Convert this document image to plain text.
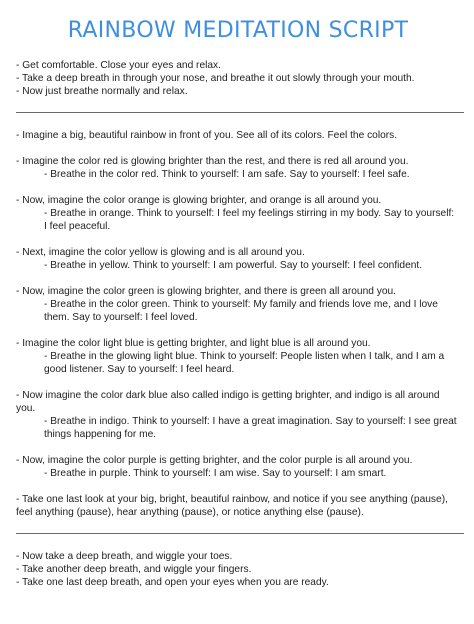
RAINBOW MEDITATION SCRIPT
- Get comfortable. Close your eyes and relax.
- Take a deep breath in through your nose, and breathe it out slowly through your mouth.
- Now just breathe normally and relax.
- Imagine a big, beautiful rainbow in front of you. See all of its colors. Feel the colors.
- Imagine the color red is glowing brighter than the rest, and there is red all around you.
- Breathe in the color red. Think to yourself: I am safe. Say to yourself: I feel safe.
- Now, imagine the color orange is glowing brighter, and orange is all around you.
- Breathe in orange. Think to yourself: I feel my feelings stirring in my body. Say to yourself:
I feel peaceful.
- Next, imagine the color yellow is glowing and is all around you.
- Breathe in yellow. Think to yourself: I am powerful. Say to yourself: I feel confident.
- Now, imagine the color green is glowing brighter, and there is green all around you.
- Breathe in the color green. Think to yourself: My family and friends love me, and I love
them. Say to yourself: I feel loved.
- Imagine the color light blue is getting brighter, and light blue is all around you.
- Breathe in the glowing light blue. Think to yourself: People listen when I talk, and I am a
good listener. Say to yourself: I feel heard.
- Now imagine the color dark blue also called indigo is getting brighter, and indigo is all around
you.
- Breathe in indigo. Think to yourself: I have a great imagination. Say to yourself: I see great
things happening for me.
- Now, imagine the color purple is getting brighter, and the color purple is all around you.
- Breathe in purple. Think to yourself: I am wise. Say to yourself: I am smart.
- Take one last look at your big, bright, beautiful rainbow, and notice if you see anything (pause),
feel anything (pause), hear anything (pause), or notice anything else (pause).
- Now take a deep breath, and wiggle your toes.
- Take another deep breath, and wiggle your fingers.
- Take one last deep breath, and open your eyes when you are ready.
